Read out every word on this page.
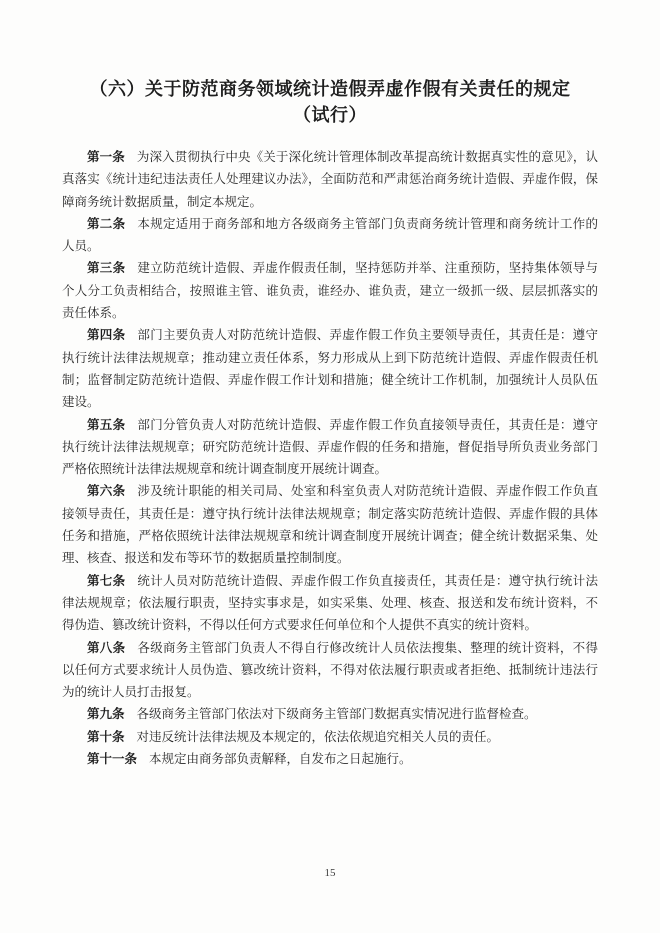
（六）关于防范商务领域统计造假弄虚作假有关责任的规定
（试行）

第一条 为深入贯彻执行中央《关于深化统计管理体制改革提高统计数据真实性的意见》，认真落实《统计违纪违法责任人处理建议办法》，全面防范和严肃惩治商务统计造假、弄虚作假，保障商务统计数据质量，制定本规定。

第二条 本规定适用于商务部和地方各级商务主管部门负责商务统计管理和商务统计工作的人员。

第三条 建立防范统计造假、弄虚作假责任制，坚持惩防并举、注重预防，坚持集体领导与个人分工负责相结合，按照谁主管、谁负责，谁经办、谁负责，建立一级抓一级、层层抓落实的责任体系。

第四条 部门主要负责人对防范统计造假、弄虚作假工作负主要领导责任，其责任是：遵守执行统计法律法规规章；推动建立责任体系，努力形成从上到下防范统计造假、弄虚作假责任机制；监督制定防范统计造假、弄虚作假工作计划和措施；健全统计工作机制，加强统计人员队伍建设。

第五条 部门分管负责人对防范统计造假、弄虚作假工作负直接领导责任，其责任是：遵守执行统计法律法规规章；研究防范统计造假、弄虚作假的任务和措施，督促指导所负责业务部门严格依照统计法律法规规章和统计调查制度开展统计调查。

第六条 涉及统计职能的相关司局、处室和科室负责人对防范统计造假、弄虚作假工作负直接领导责任，其责任是：遵守执行统计法律法规规章；制定落实防范统计造假、弄虚作假的具体任务和措施，严格依照统计法律法规规章和统计调查制度开展统计调查；健全统计数据采集、处理、核查、报送和发布等环节的数据质量控制制度。

第七条 统计人员对防范统计造假、弄虚作假工作负直接责任，其责任是：遵守执行统计法律法规规章；依法履行职责，坚持实事求是，如实采集、处理、核查、报送和发布统计资料，不得伪造、篡改统计资料，不得以任何方式要求任何单位和个人提供不真实的统计资料。

第八条 各级商务主管部门负责人不得自行修改统计人员依法搜集、整理的统计资料，不得以任何方式要求统计人员伪造、篡改统计资料，不得对依法履行职责或者拒绝、抵制统计违法行为的统计人员打击报复。

第九条 各级商务主管部门依法对下级商务主管部门数据真实情况进行监督检查。

第十条 对违反统计法律法规及本规定的，依法依规追究相关人员的责任。

第十一条 本规定由商务部负责解释，自发布之日起施行。

15
